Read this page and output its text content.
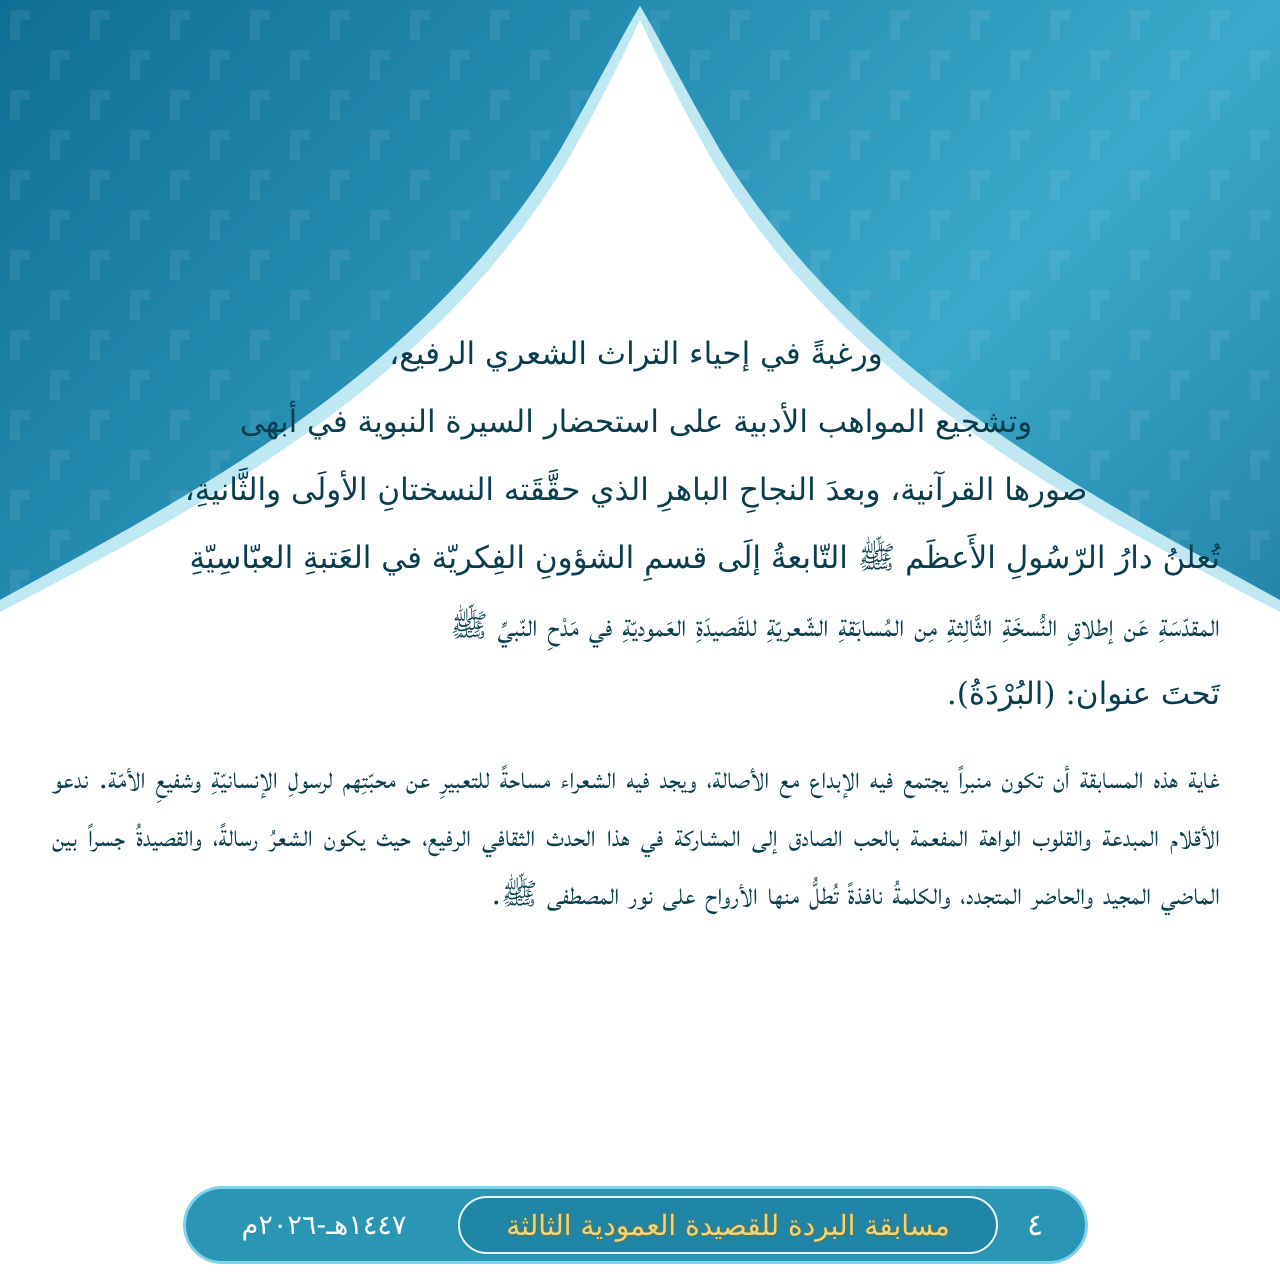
ورغبةً في إحياء التراث الشعري الرفيع،
وتشجيع المواهب الأدبية على استحضار السيرة النبوية في أبهى
صورها القرآنية، وبعدَ النجاحِ الباهرِ الذي حقَّقَته النسختانِ الأولَى والثَّانيةِ،
تُعلنُ دارُ الرّسُولِ الأَعظَم ﷺ التّابعةُ إلَى قسمِ الشؤونِ الفِكريّة في العَتبةِ العبّاسِيّةِ
المقدّسَةِ عَن إطلاقِ النُّسخَةِ الثَّالِثةِ مِن المُسابَقةِ الشّعريّةِ للقَصيدَةِ العَموديّةِ في مَدْحِ النّبيِّ ﷺ
تَحتَ عنوان: (البُرْدَةُ).
غاية هذه المسابقة أن تكون منبراً يجتمع فيه الإبداع مع الأصالة، ويجد فيه الشعراء مساحةً للتعبيرِ عن محبّتِهم لرسولِ الإنسانيّةِ وشفيعِ الأمّة. ندعو الأقلام المبدعة والقلوب الواهة المفعمة بالحب الصادق إلى المشاركة في هذا الحدث الثقافي الرفيع، حيث يكون الشعرُ رسالةً، والقصيدةُ جسراً بين الماضي المجيد والحاضر المتجدد، والكلمةُ نافذةً تُطلُّ منها الأرواح على نور المصطفى ﷺ.
١٤٤٧هـ-٢٠٢٦م	مسابقة البردة للقصيدة العمودية الثالثة	٤
